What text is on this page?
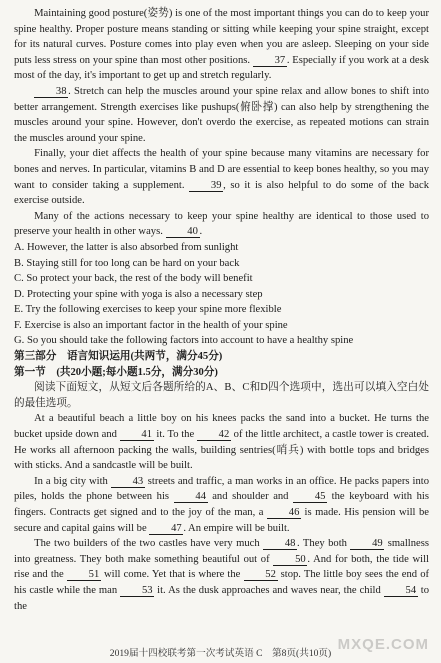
Maintaining good posture(姿势) is one of the most important things you can do to keep your spine healthy. Proper posture means standing or sitting while keeping your spine straight, except for its natural curves. Posture comes into play even when you are asleep. Sleeping on your side puts less stress on your spine than most other positions. 37 . Especially if you work at a desk most of the day, it's important to get up and stretch regularly.

38 . Stretch can help the muscles around your spine relax and allow bones to shift into better arrangement. Strength exercises like pushups(俯卧撑) can also help by strengthening the muscles around your spine. However, don't overdo the exercise, as repeated motions can strain the muscles around your spine.

Finally, your diet affects the health of your spine because many vitamins are necessary for bones and nerves. In particular, vitamins B and D are essential to keep bones healthy, so you may want to consider taking a supplement. 39 , so it is also helpful to do some of the back exercise outside.

Many of the actions necessary to keep your spine healthy are identical to those used to preserve your health in other ways. 40 .

A. However, the latter is also absorbed from sunlight

B. Staying still for too long can be hard on your back

C. So protect your back, the rest of the body will benefit

D. Protecting your spine with yoga is also a necessary step

E. Try the following exercises to keep your spine more flexible

F. Exercise is also an important factor in the health of your spine

G. So you should take the following factors into account to have a healthy spine

第三部分　语言知识运用(共两节，满分45分)

第一节　(共20小题;每小题1.5分，满分30分)

阅读下面短文，从短文后各题所给的A、B、C和D四个选项中，选出可以填入空白处的最佳选项。

At a beautiful beach a little boy on his knees packs the sand into a bucket. He turns the bucket upside down and 41 it. To the 42 of the little architect, a castle tower is created. He works all afternoon packing the walls, building sentries(哨兵) with bottle tops and bridges with sticks. And a sandcastle will be built.

In a big city with 43 streets and traffic, a man works in an office. He packs papers into piles, holds the phone between his 44 and shoulder and 45 the keyboard with his fingers. Contracts get signed and to the joy of the man, a 46 is made. His pension will be secure and capital gains will be 47 . An empire will be built.

The two builders of the two castles have very much 48 . They both 49 smallness into greatness. They both make something beautiful out of 50 . And for both, the tide will rise and the 51 will come. Yet that is where the 52 stop. The little boy sees the end of his castle while the man 53 it. As the dusk approaches and waves near, the child 54 to the

2019届十四校联考第一次考试英语 C　第8页(共10页)
MXQE.COM
